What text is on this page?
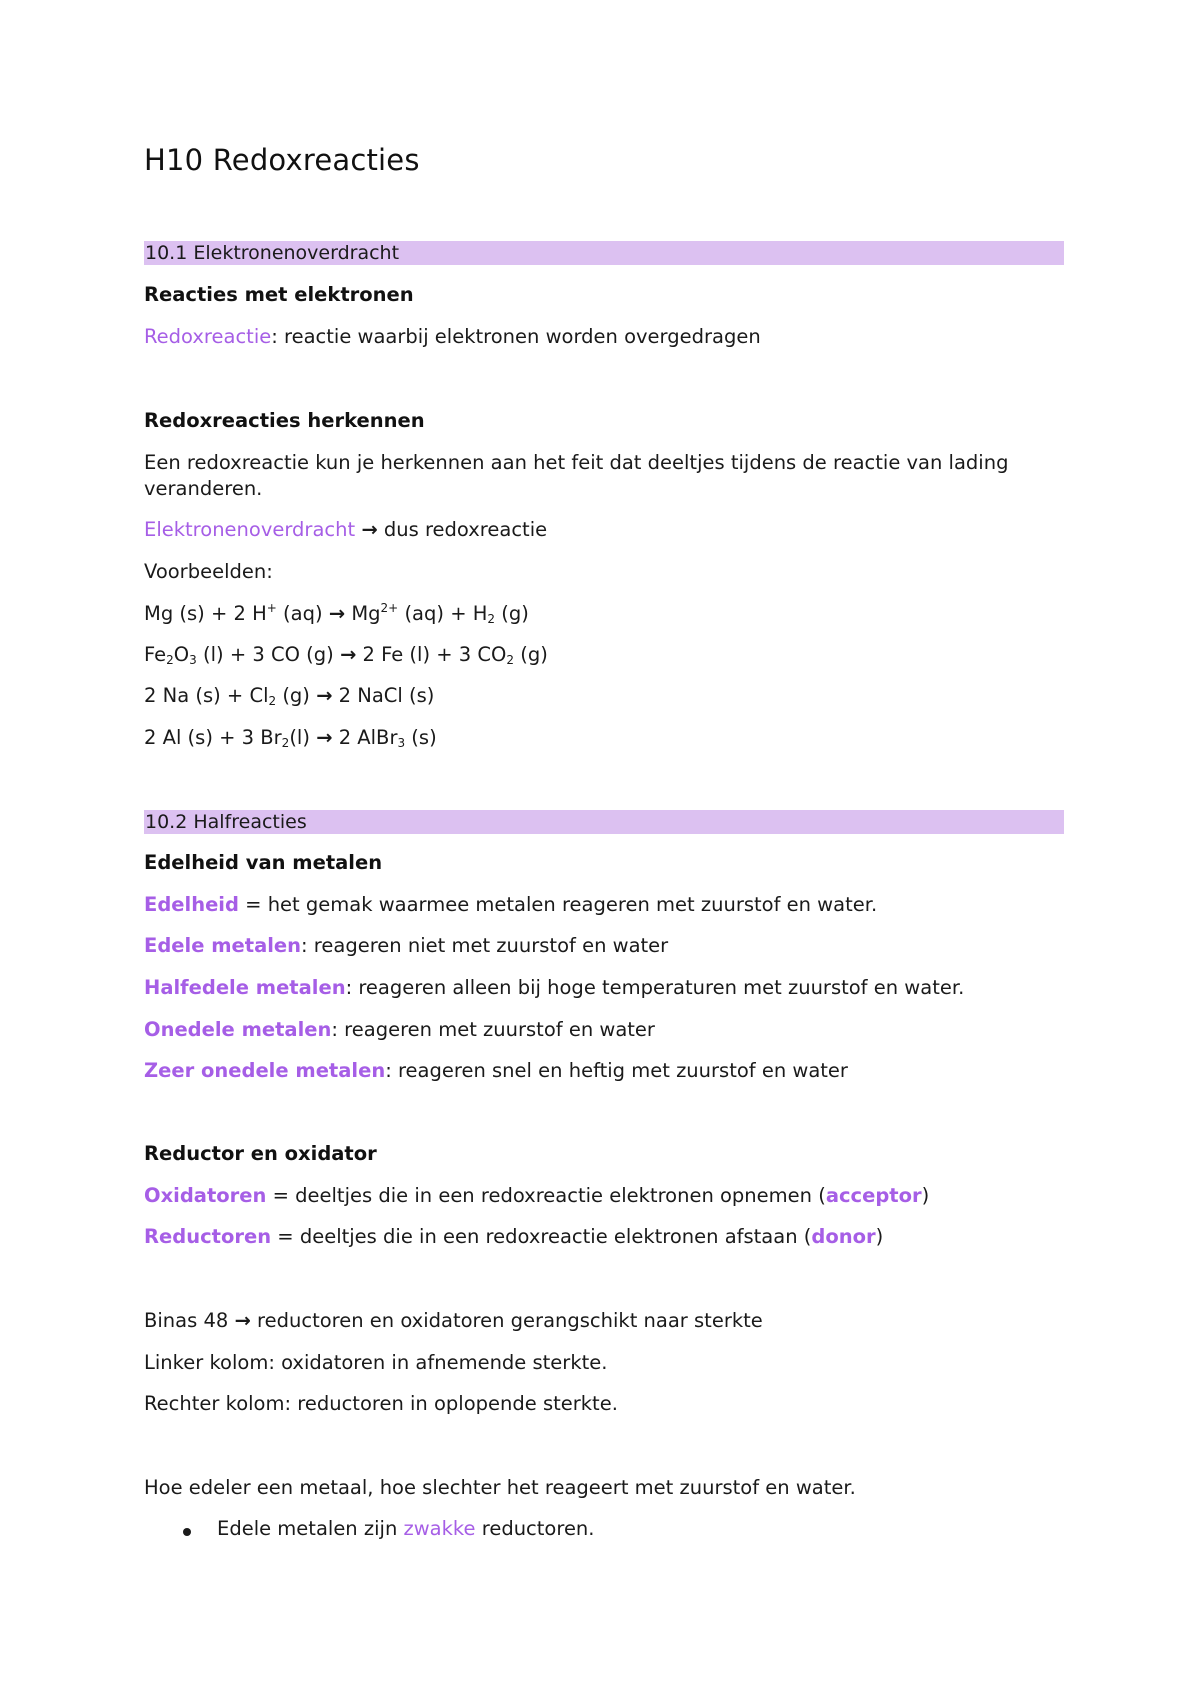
H10 Redoxreacties
10.1 Elektronenoverdracht
Reacties met elektronen
Redoxreactie: reactie waarbij elektronen worden overgedragen
Redoxreacties herkennen
Een redoxreactie kun je herkennen aan het feit dat deeltjes tijdens de reactie van lading veranderen.
Elektronenoverdracht → dus redoxreactie
Voorbeelden:
Mg (s) + 2 H+ $(aq) \to Mg^{2+}$ $(aq) + H_2$ (g)
$Fe_2O_3$ (l) + 3 CO (g) → 2 Fe (l) + 3 $CO_2$ (g)
2 Na $(s) + Cl_2$ (g) → 2 NaCl (s)
2 Al (s) + 3 $Br_2(l) \to 2$ AlBr$_3$ (s)
10.2 Halfreacties
Edelheid van metalen
Edelheid = het gemak waarmee metalen reageren met zuurstof en water.
Edele metalen: reageren niet met zuurstof en water
Halfedele metalen: reageren alleen bij hoge temperaturen met zuurstof en water.
Onedele metalen: reageren met zuurstof en water
Zeer onedele metalen: reageren snel en heftig met zuurstof en water
Reductor en oxidator
Oxidatoren = deeltjes die in een redoxreactie elektronen opnemen (acceptor)
Reductoren = deeltjes die in een redoxreactie elektronen afstaan (donor)
Binas 48 → reductoren en oxidatoren gerangschikt naar sterkte
Linker kolom: oxidatoren in afnemende sterkte.
Rechter kolom: reductoren in oplopende sterkte.
Hoe edeler een metaal, hoe slechter het reageert met zuurstof en water.
Edele metalen zijn zwakke reductoren.
